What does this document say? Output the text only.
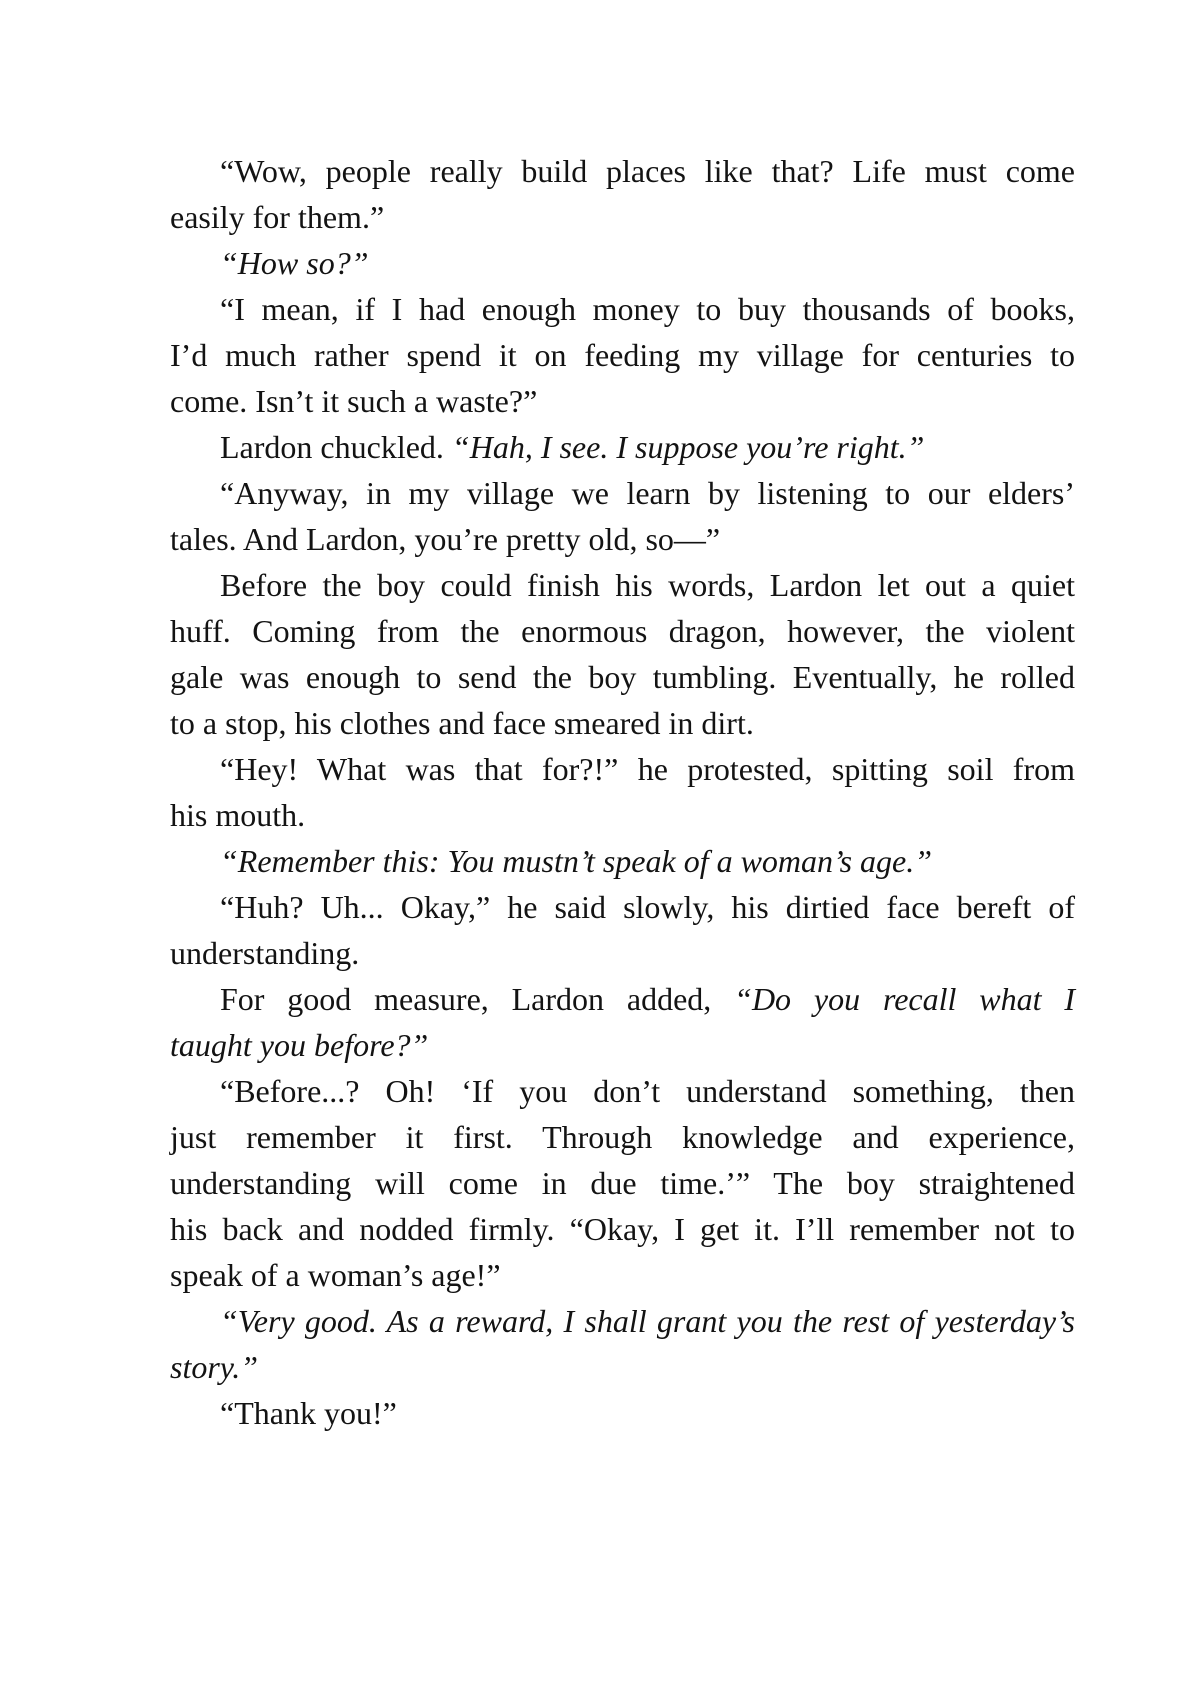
“Wow, people really build places like that? Life must come
easily for them.”
“How so?”
“I mean, if I had enough money to buy thousands of books,
I’d much rather spend it on feeding my village for centuries to
come. Isn’t it such a waste?”
Lardon chuckled. “Hah, I see. I suppose you’re right.”
“Anyway, in my village we learn by listening to our elders’
tales. And Lardon, you’re pretty old, so—”
Before the boy could finish his words, Lardon let out a quiet
huff. Coming from the enormous dragon, however, the violent
gale was enough to send the boy tumbling. Eventually, he rolled
to a stop, his clothes and face smeared in dirt.
“Hey! What was that for?!” he protested, spitting soil from
his mouth.
“Remember this: You mustn’t speak of a woman’s age.”
“Huh? Uh... Okay,” he said slowly, his dirtied face bereft of
understanding.
For good measure, Lardon added, “Do you recall what I
taught you before?”
“Before...? Oh! ‘If you don’t understand something, then
just remember it first. Through knowledge and experience,
understanding will come in due time.’” The boy straightened
his back and nodded firmly. “Okay, I get it. I’ll remember not to
speak of a woman’s age!”
“Very good. As a reward, I shall grant you the rest of yesterday’s
story.”
“Thank you!”
